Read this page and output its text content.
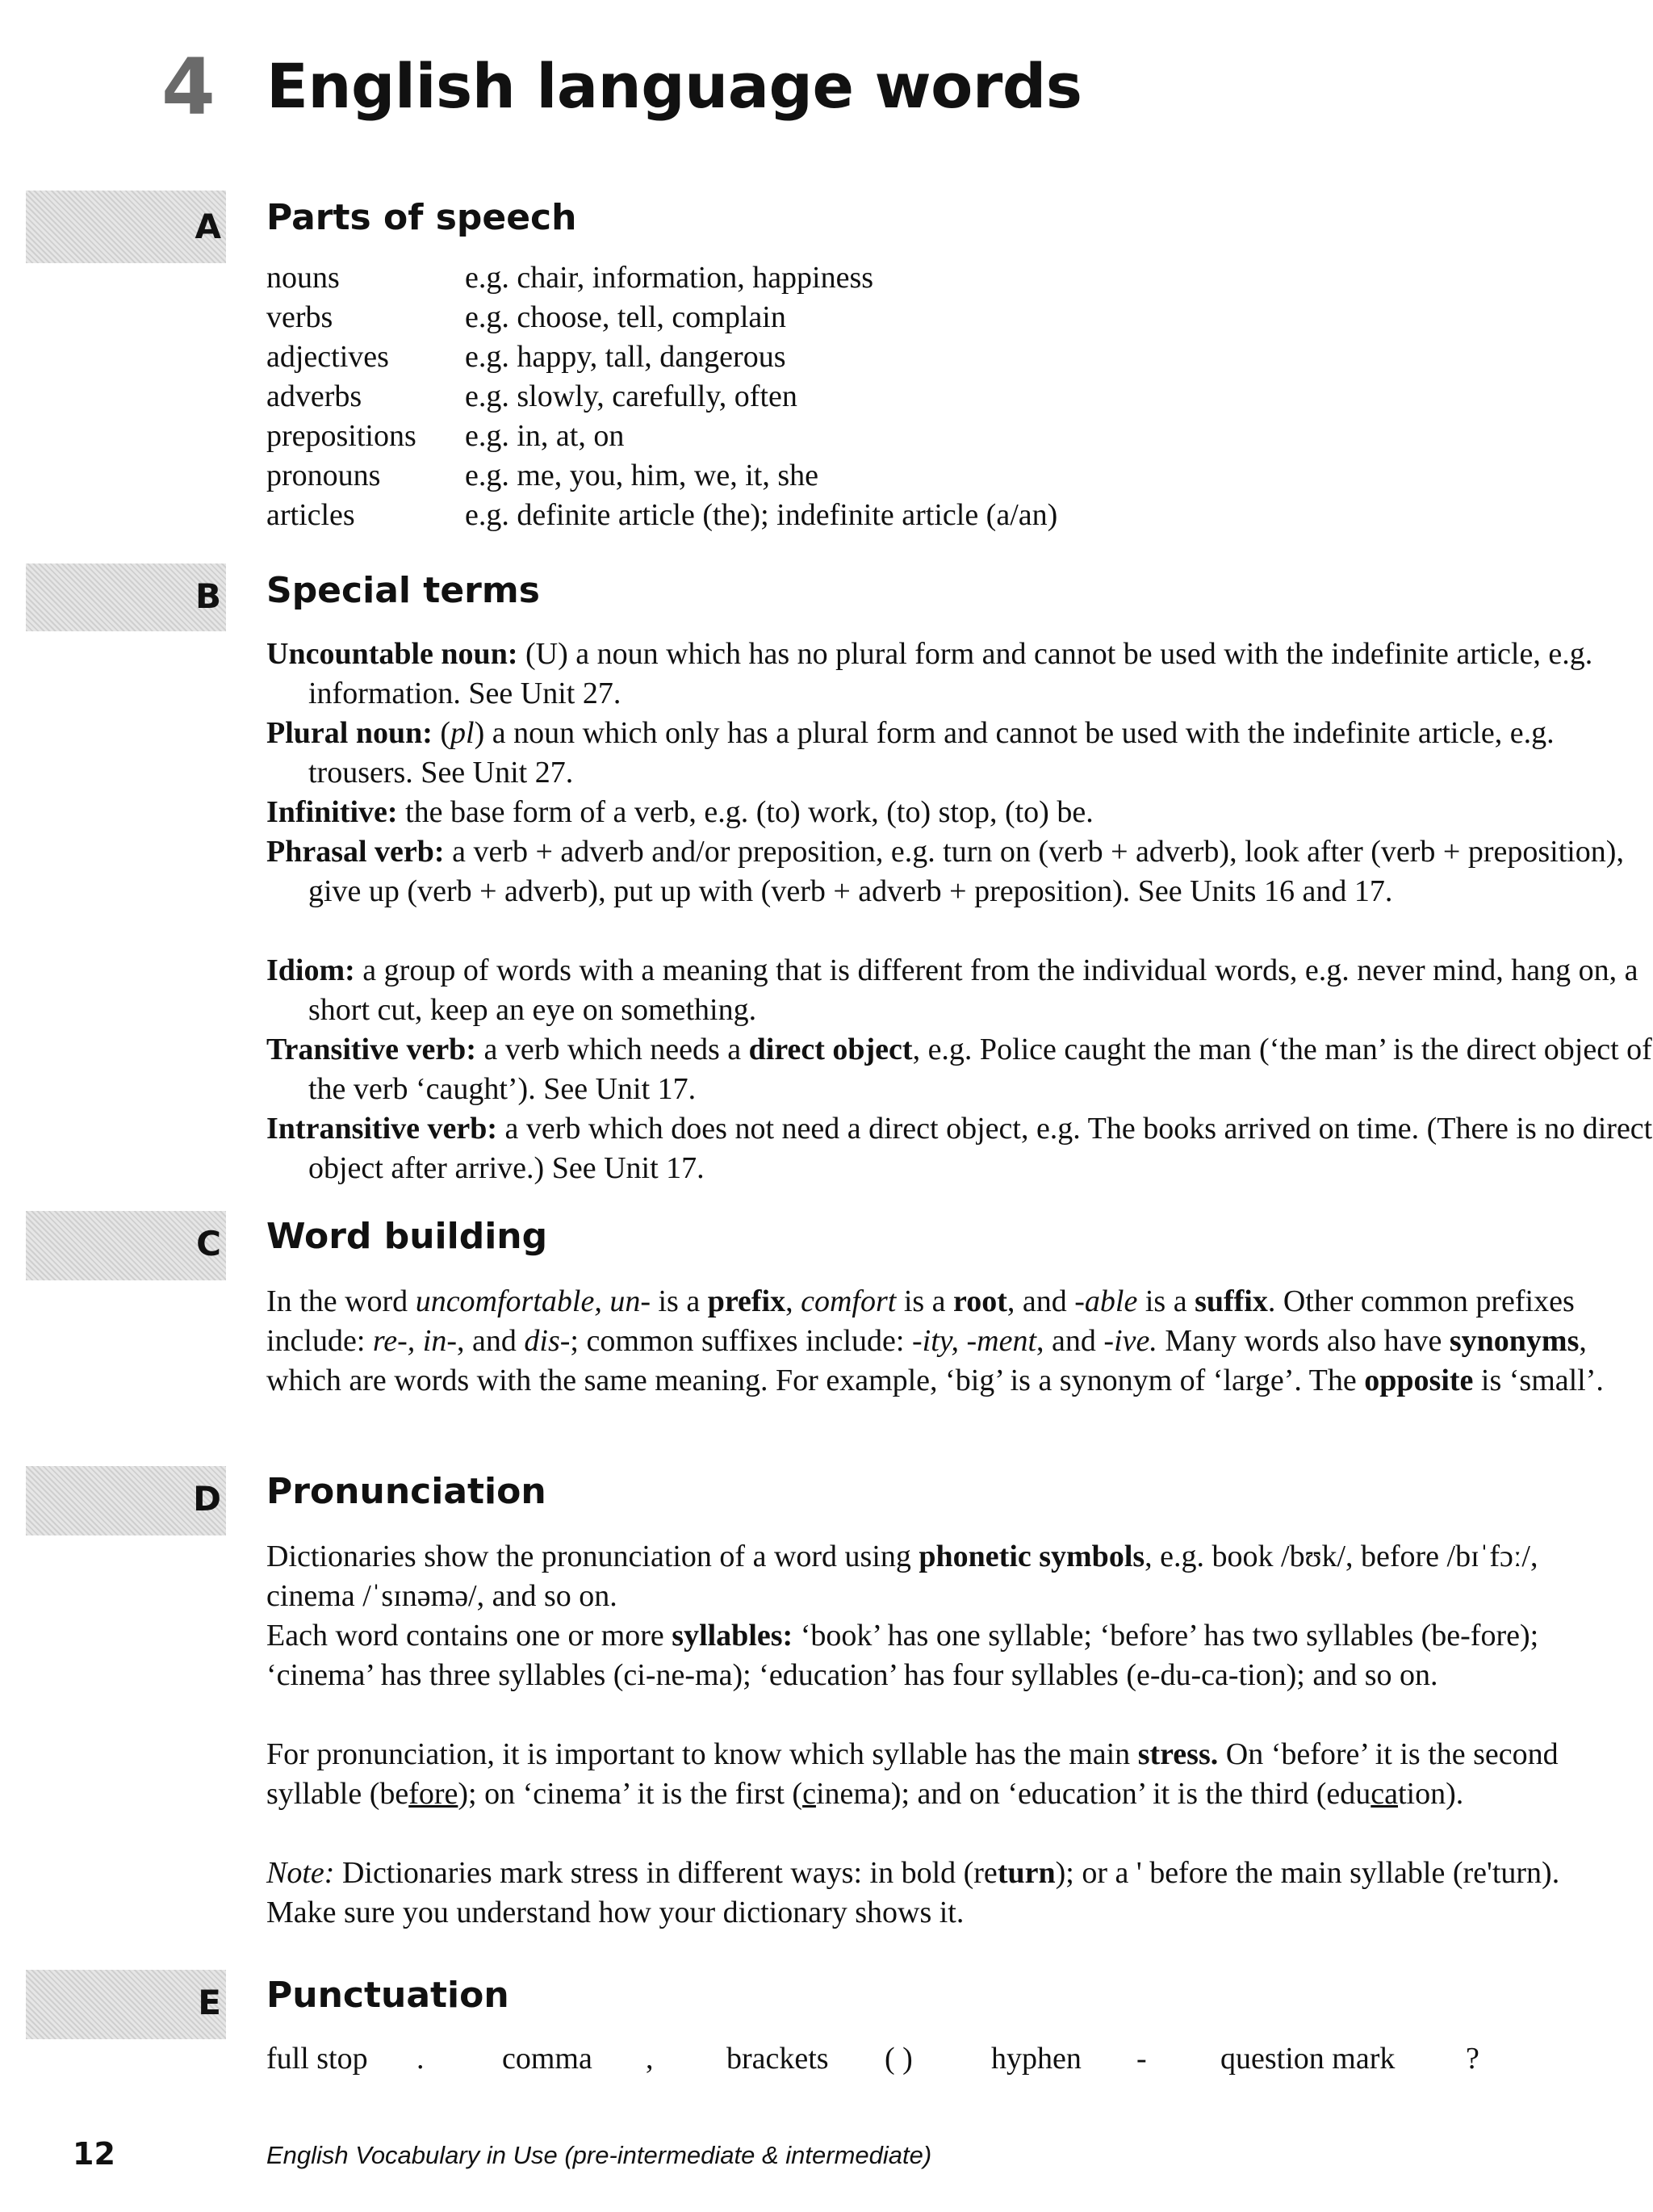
4 English language words
A Parts of speech
nouns	e.g. chair, information, happiness
verbs	e.g. choose, tell, complain
adjectives e.g. happy, tall, dangerous
adverbs	e.g. slowly, carefully, often
prepositions e.g. in, at, on
pronouns	e.g. me, you, him, we, it, she
articles	e.g. definite article (the); indefinite article (a/an)
B Special terms
Uncountable noun: (U) a noun which has no plural form and cannot be used with the indefinite article, e.g. information. See Unit 27.
Plural noun: (pl) a noun which only has a plural form and cannot be used with the indefinite article, e.g. trousers. See Unit 27.
Infinitive: the base form of a verb, e.g. (to) work, (to) stop, (to) be.
Phrasal verb: a verb + adverb and/or preposition, e.g. turn on (verb + adverb), look after (verb + preposition), give up (verb + adverb), put up with (verb + adverb + preposition). See Units 16 and 17.
Idiom: a group of words with a meaning that is different from the individual words, e.g. never mind, hang on, a short cut, keep an eye on something.
Transitive verb: a verb which needs a direct object, e.g. Police caught the man (‘the man’ is the direct object of the verb ‘caught’). See Unit 17.
Intransitive verb: a verb which does not need a direct object, e.g. The books arrived on time. (There is no direct object after arrive.) See Unit 17.
C Word building
In the word uncomfortable, un- is a prefix, comfort is a root, and -able is a suffix. Other common prefixes include: re-, in-, and dis-; common suffixes include: -ity, -ment, and -ive. Many words also have synonyms, which are words with the same meaning. For example, ‘big’ is a synonym of ‘large’. The opposite is ‘small’.
D Pronunciation
Dictionaries show the pronunciation of a word using phonetic symbols, e.g. book /bʊk/, before /bɪˈfɔː/, cinema /ˈsɪnəmə/, and so on.
Each word contains one or more syllables: ‘book’ has one syllable; ‘before’ has two syllables (be-fore); ‘cinema’ has three syllables (ci-ne-ma); ‘education’ has four syllables (e-du-ca-tion); and so on.
For pronunciation, it is important to know which syllable has the main stress. On ‘before’ it is the second syllable (before); on ‘cinema’ it is the first (cinema); and on ‘education’ it is the third (education).
Note: Dictionaries mark stress in different ways: in bold (return); or a ' before the main syllable (re'turn). Make sure you understand how your dictionary shows it.
E Punctuation
full stop .	comma , brackets ( )	hyphen - question mark ?
12	English Vocabulary in Use (pre-intermediate & intermediate)
